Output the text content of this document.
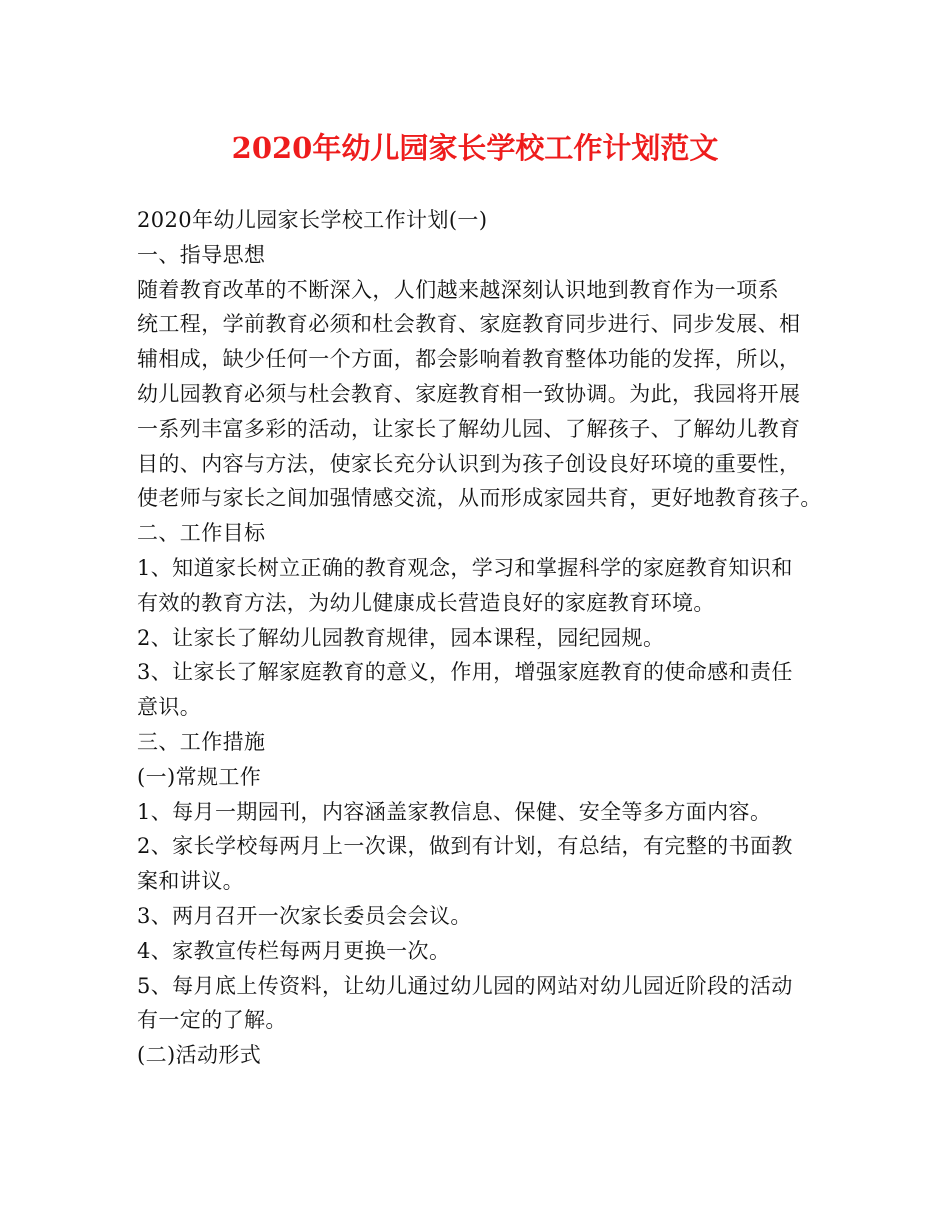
2020年幼儿园家长学校工作计划范文
2020年幼儿园家长学校工作计划(一)
一、指导思想
随着教育改革的不断深入，人们越来越深刻认识地到教育作为一项系
统工程，学前教育必须和杜会教育、家庭教育同步进行、同步发展、相
辅相成，缺少任何一个方面，都会影响着教育整体功能的发挥，所以，
幼儿园教育必须与杜会教育、家庭教育相一致协调。为此，我园将开展
一系列丰富多彩的活动，让家长了解幼儿园、了解孩子、了解幼儿教育
目的、内容与方法，使家长充分认识到为孩子创设良好环境的重要性，
使老师与家长之间加强情感交流，从而形成家园共育，更好地教育孩子。
二、工作目标
1、知道家长树立正确的教育观念，学习和掌握科学的家庭教育知识和
有效的教育方法，为幼儿健康成长营造良好的家庭教育环境。
2、让家长了解幼儿园教育规律，园本课程，园纪园规。
3、让家长了解家庭教育的意义，作用，增强家庭教育的使命感和责任
意识。
三、工作措施
(一)常规工作
1、每月一期园刊，内容涵盖家教信息、保健、安全等多方面内容。
2、家长学校每两月上一次课，做到有计划，有总结，有完整的书面教
案和讲议。
3、两月召开一次家长委员会会议。
4、家教宣传栏每两月更换一次。
5、每月底上传资料，让幼儿通过幼儿园的网站对幼儿园近阶段的活动
有一定的了解。
(二)活动形式
